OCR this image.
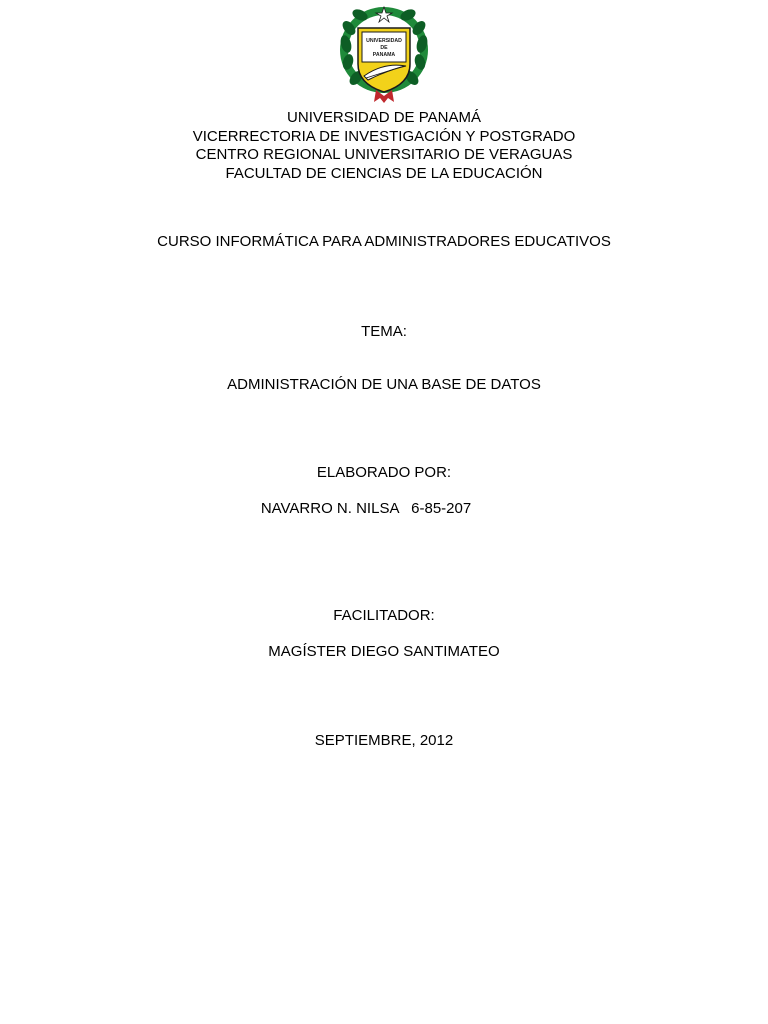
UNIVERSIDAD
DE
PANAMA
UNIVERSIDAD DE PANAMÁ
VICERRECTORIA DE INVESTIGACIÓN Y POSTGRADO
CENTRO REGIONAL UNIVERSITARIO DE VERAGUAS
FACULTAD DE CIENCIAS DE LA EDUCACIÓN
CURSO INFORMÁTICA PARA ADMINISTRADORES EDUCATIVOS
TEMA:
ADMINISTRACIÓN DE UNA BASE DE DATOS
ELABORADO POR:
NAVARRO N. NILSA 6-85-207
FACILITADOR:
MAGÍSTER DIEGO SANTIMATEO
SEPTIEMBRE, 2012
